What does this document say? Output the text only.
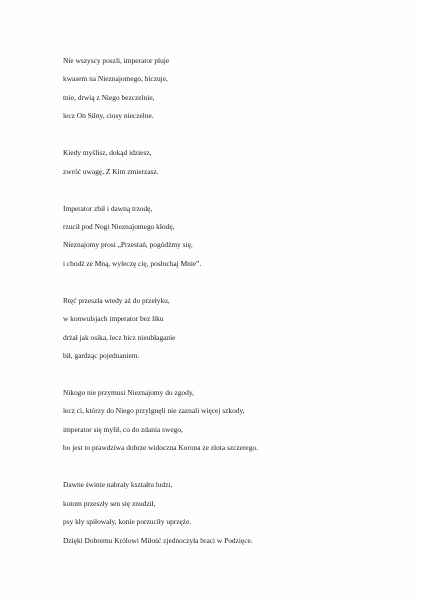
Nie wszyscy poszli, imperator pluje
kwasem na Nieznajomego, biczuje,
tnie, drwią z Niego bezczelnie,
lecz On Silny, ciosy nieczelne.
Kiedy myślisz, dokąd idziesz,
zwróć uwagę, Z Kim zmierzasz.
Imperator zbił i dawną trzodę,
rzucił pod Nogi Nieznajomego kłodę,
Nieznajomy prosi „Przestań, pogódźmy się,
i chodź ze Mną, wyleczę cię, posłuchaj Mnie”.
Rtęć przeszła wtedy aż do przełyku,
w konwulsjach imperator bez liku
drżał jak osika, lecz bicz nieubłaganie
bił, gardząc pojednaniem.
Nikogo nie przymusi Nieznajomy do zgody,
lecz ci, którzy do Niego przylgnęli nie zaznali więcej szkody,
imperator się mylił, co do zdania swego,
bo jest to prawdziwa dobrze widoczna Korona ze złota szczerego.
Dawne świnie nabrały kształtu ludzi,
kotom przeszły sen się znudził,
psy kły spiłowały, konie porzuciły uprzęże.
Dzięki Dobremu Królowi Miłość zjednoczyła braci w Podzięce.
